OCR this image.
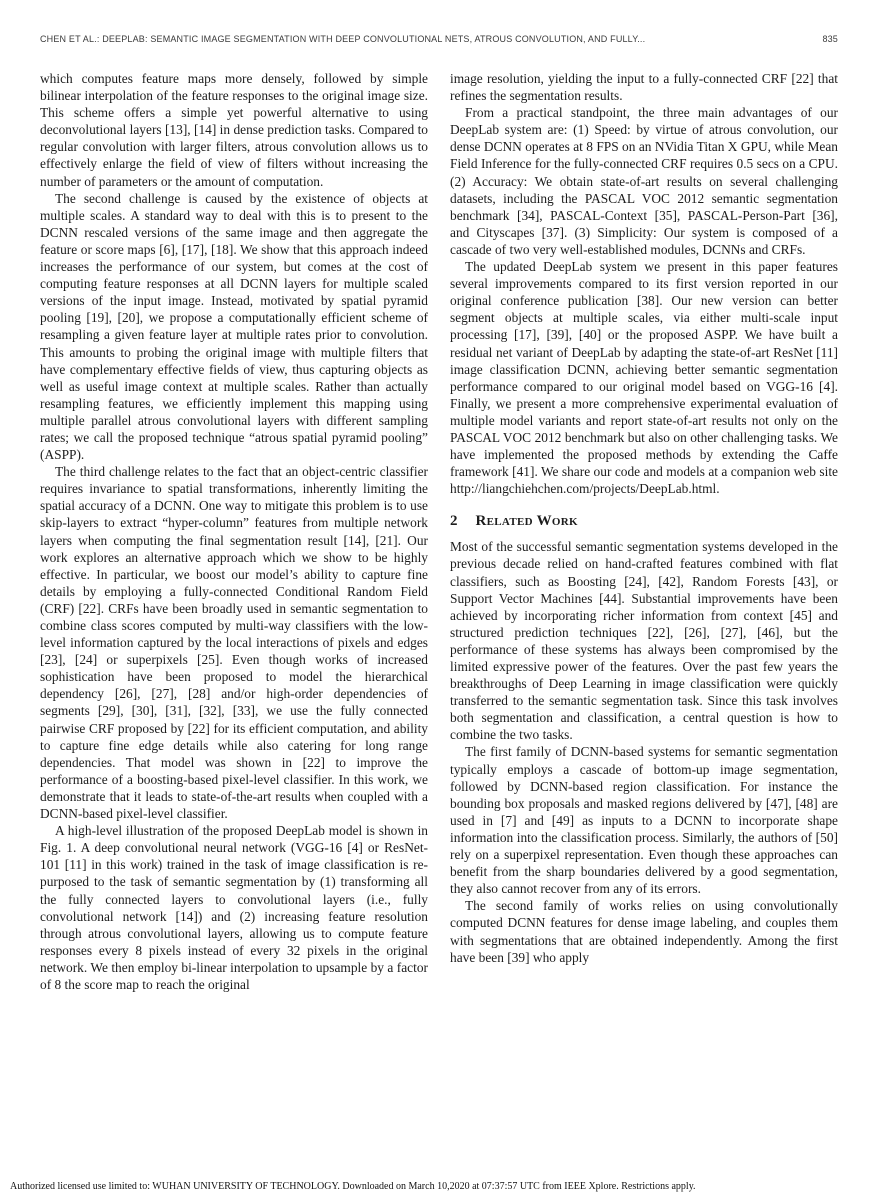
CHEN ET AL.: DEEPLAB: SEMANTIC IMAGE SEGMENTATION WITH DEEP CONVOLUTIONAL NETS, ATROUS CONVOLUTION, AND FULLY...	835

which computes feature maps more densely, followed by simple bilinear interpolation of the feature responses to the original image size. This scheme offers a simple yet powerful alternative to using deconvolutional layers [13], [14] in dense prediction tasks. Compared to regular convolution with larger filters, atrous convolution allows us to effectively enlarge the field of view of filters without increasing the number of parameters or the amount of computation.

The second challenge is caused by the existence of objects at multiple scales. A standard way to deal with this is to present to the DCNN rescaled versions of the same image and then aggregate the feature or score maps [6], [17], [18]. We show that this approach indeed increases the performance of our system, but comes at the cost of computing feature responses at all DCNN layers for multiple scaled versions of the input image. Instead, motivated by spatial pyramid pooling [19], [20], we propose a computationally efficient scheme of resampling a given feature layer at multiple rates prior to convolution. This amounts to probing the original image with multiple filters that have complementary effective fields of view, thus capturing objects as well as useful image context at multiple scales. Rather than actually resampling features, we efficiently implement this mapping using multiple parallel atrous convolutional layers with different sampling rates; we call the proposed technique “atrous spatial pyramid pooling” (ASPP).

The third challenge relates to the fact that an object-centric classifier requires invariance to spatial transformations, inherently limiting the spatial accuracy of a DCNN. One way to mitigate this problem is to use skip-layers to extract “hyper-column” features from multiple network layers when computing the final segmentation result [14], [21]. Our work explores an alternative approach which we show to be highly effective. In particular, we boost our model’s ability to capture fine details by employing a fully-connected Conditional Random Field (CRF) [22]. CRFs have been broadly used in semantic segmentation to combine class scores computed by multi-way classifiers with the low-level information captured by the local interactions of pixels and edges [23], [24] or superpixels [25]. Even though works of increased sophistication have been proposed to model the hierarchical dependency [26], [27], [28] and/or high-order dependencies of segments [29], [30], [31], [32], [33], we use the fully connected pairwise CRF proposed by [22] for its efficient computation, and ability to capture fine edge details while also catering for long range dependencies. That model was shown in [22] to improve the performance of a boosting-based pixel-level classifier. In this work, we demonstrate that it leads to state-of-the-art results when coupled with a DCNN-based pixel-level classifier.

A high-level illustration of the proposed DeepLab model is shown in Fig. 1. A deep convolutional neural network (VGG-16 [4] or ResNet-101 [11] in this work) trained in the task of image classification is re-purposed to the task of semantic segmentation by (1) transforming all the fully connected layers to convolutional layers (i.e., fully convolutional network [14]) and (2) increasing feature resolution through atrous convolutional layers, allowing us to compute feature responses every 8 pixels instead of every 32 pixels in the original network. We then employ bi-linear interpolation to upsample by a factor of 8 the score map to reach the original

image resolution, yielding the input to a fully-connected CRF [22] that refines the segmentation results.

From a practical standpoint, the three main advantages of our DeepLab system are: (1) Speed: by virtue of atrous convolution, our dense DCNN operates at 8 FPS on an NVidia Titan X GPU, while Mean Field Inference for the fully-connected CRF requires 0.5 secs on a CPU. (2) Accuracy: We obtain state-of-art results on several challenging datasets, including the PASCAL VOC 2012 semantic segmentation benchmark [34], PASCAL-Context [35], PASCAL-Person-Part [36], and Cityscapes [37]. (3) Simplicity: Our system is composed of a cascade of two very well-established modules, DCNNs and CRFs.

The updated DeepLab system we present in this paper features several improvements compared to its first version reported in our original conference publication [38]. Our new version can better segment objects at multiple scales, via either multi-scale input processing [17], [39], [40] or the proposed ASPP. We have built a residual net variant of DeepLab by adapting the state-of-art ResNet [11] image classification DCNN, achieving better semantic segmentation performance compared to our original model based on VGG-16 [4]. Finally, we present a more comprehensive experimental evaluation of multiple model variants and report state-of-art results not only on the PASCAL VOC 2012 benchmark but also on other challenging tasks. We have implemented the proposed methods by extending the Caffe framework [41]. We share our code and models at a companion web site http://liangchiehchen.com/projects/DeepLab.html.

2 Related Work

Most of the successful semantic segmentation systems developed in the previous decade relied on hand-crafted features combined with flat classifiers, such as Boosting [24], [42], Random Forests [43], or Support Vector Machines [44]. Substantial improvements have been achieved by incorporating richer information from context [45] and structured prediction techniques [22], [26], [27], [46], but the performance of these systems has always been compromised by the limited expressive power of the features. Over the past few years the breakthroughs of Deep Learning in image classification were quickly transferred to the semantic segmentation task. Since this task involves both segmentation and classification, a central question is how to combine the two tasks.

The first family of DCNN-based systems for semantic segmentation typically employs a cascade of bottom-up image segmentation, followed by DCNN-based region classification. For instance the bounding box proposals and masked regions delivered by [47], [48] are used in [7] and [49] as inputs to a DCNN to incorporate shape information into the classification process. Similarly, the authors of [50] rely on a superpixel representation. Even though these approaches can benefit from the sharp boundaries delivered by a good segmentation, they also cannot recover from any of its errors.

The second family of works relies on using convolutionally computed DCNN features for dense image labeling, and couples them with segmentations that are obtained independently. Among the first have been [39] who apply

Authorized licensed use limited to: WUHAN UNIVERSITY OF TECHNOLOGY. Downloaded on March 10,2020 at 07:37:57 UTC from IEEE Xplore. Restrictions apply.
